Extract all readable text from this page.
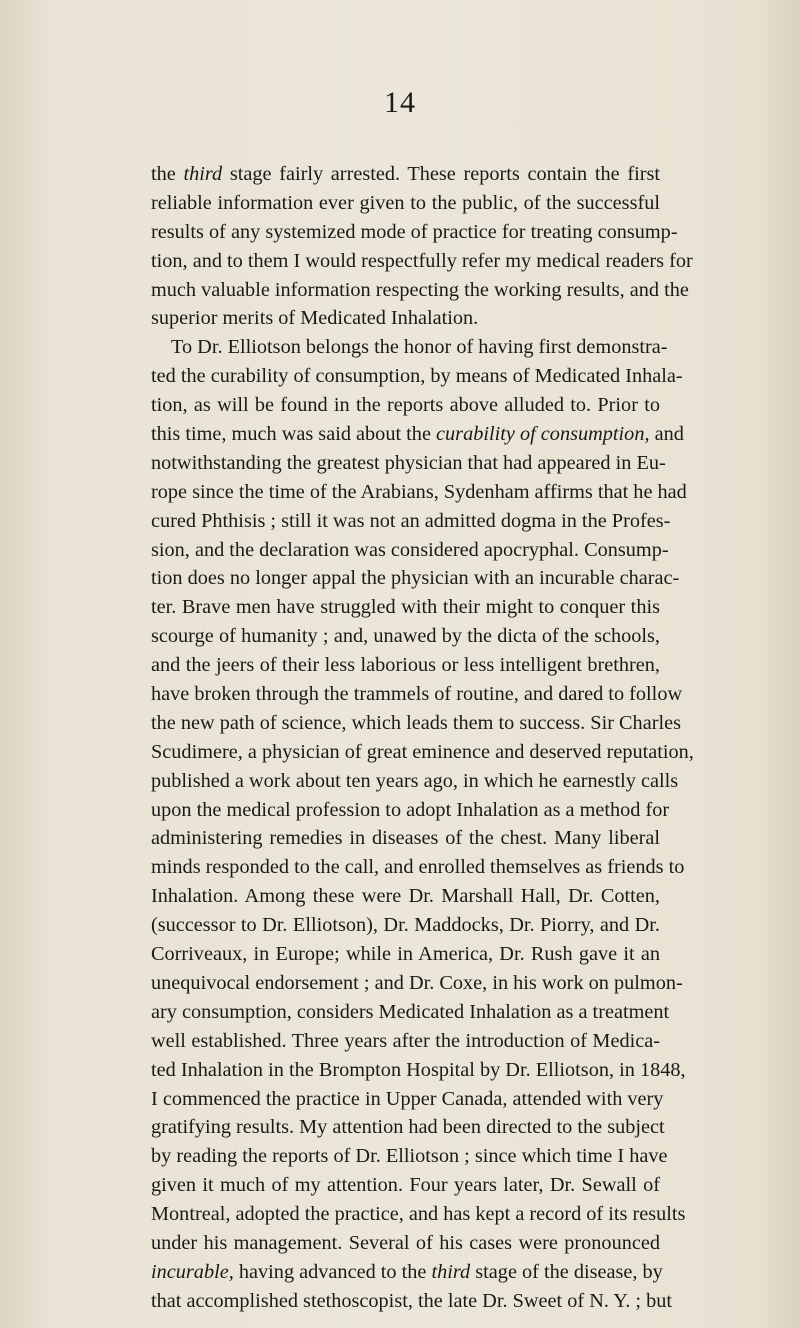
14
the third stage fairly arrested. These reports contain the first
reliable information ever given to the public, of the successful
results of any systemized mode of practice for treating consump-
tion, and to them I would respectfully refer my medical readers for
much valuable information respecting the working results, and the
superior merits of Medicated Inhalation.
To Dr. Elliotson belongs the honor of having first demonstra-
ted the curability of consumption, by means of Medicated Inhala-
tion, as will be found in the reports above alluded to. Prior to
this time, much was said about the curability of consumption, and
notwithstanding the greatest physician that had appeared in Eu-
rope since the time of the Arabians, Sydenham affirms that he had
cured Phthisis ; still it was not an admitted dogma in the Profes-
sion, and the declaration was considered apocryphal. Consump-
tion does no longer appal the physician with an incurable charac-
ter. Brave men have struggled with their might to conquer this
scourge of humanity ; and, unawed by the dicta of the schools,
and the jeers of their less laborious or less intelligent brethren,
have broken through the trammels of routine, and dared to follow
the new path of science, which leads them to success. Sir Charles
Scudimere, a physician of great eminence and deserved reputation,
published a work about ten years ago, in which he earnestly calls
upon the medical profession to adopt Inhalation as a method for
administering remedies in diseases of the chest. Many liberal
minds responded to the call, and enrolled themselves as friends to
Inhalation. Among these were Dr. Marshall Hall, Dr. Cotten,
(successor to Dr. Elliotson), Dr. Maddocks, Dr. Piorry, and Dr.
Corriveaux, in Europe; while in America, Dr. Rush gave it an
unequivocal endorsement ; and Dr. Coxe, in his work on pulmon-
ary consumption, considers Medicated Inhalation as a treatment
well established. Three years after the introduction of Medica-
ted Inhalation in the Brompton Hospital by Dr. Elliotson, in 1848,
I commenced the practice in Upper Canada, attended with very
gratifying results. My attention had been directed to the subject
by reading the reports of Dr. Elliotson ; since which time I have
given it much of my attention. Four years later, Dr. Sewall of
Montreal, adopted the practice, and has kept a record of its results
under his management. Several of his cases were pronounced
incurable, having advanced to the third stage of the disease, by
that accomplished stethoscopist, the late Dr. Sweet of N. Y. ; but
